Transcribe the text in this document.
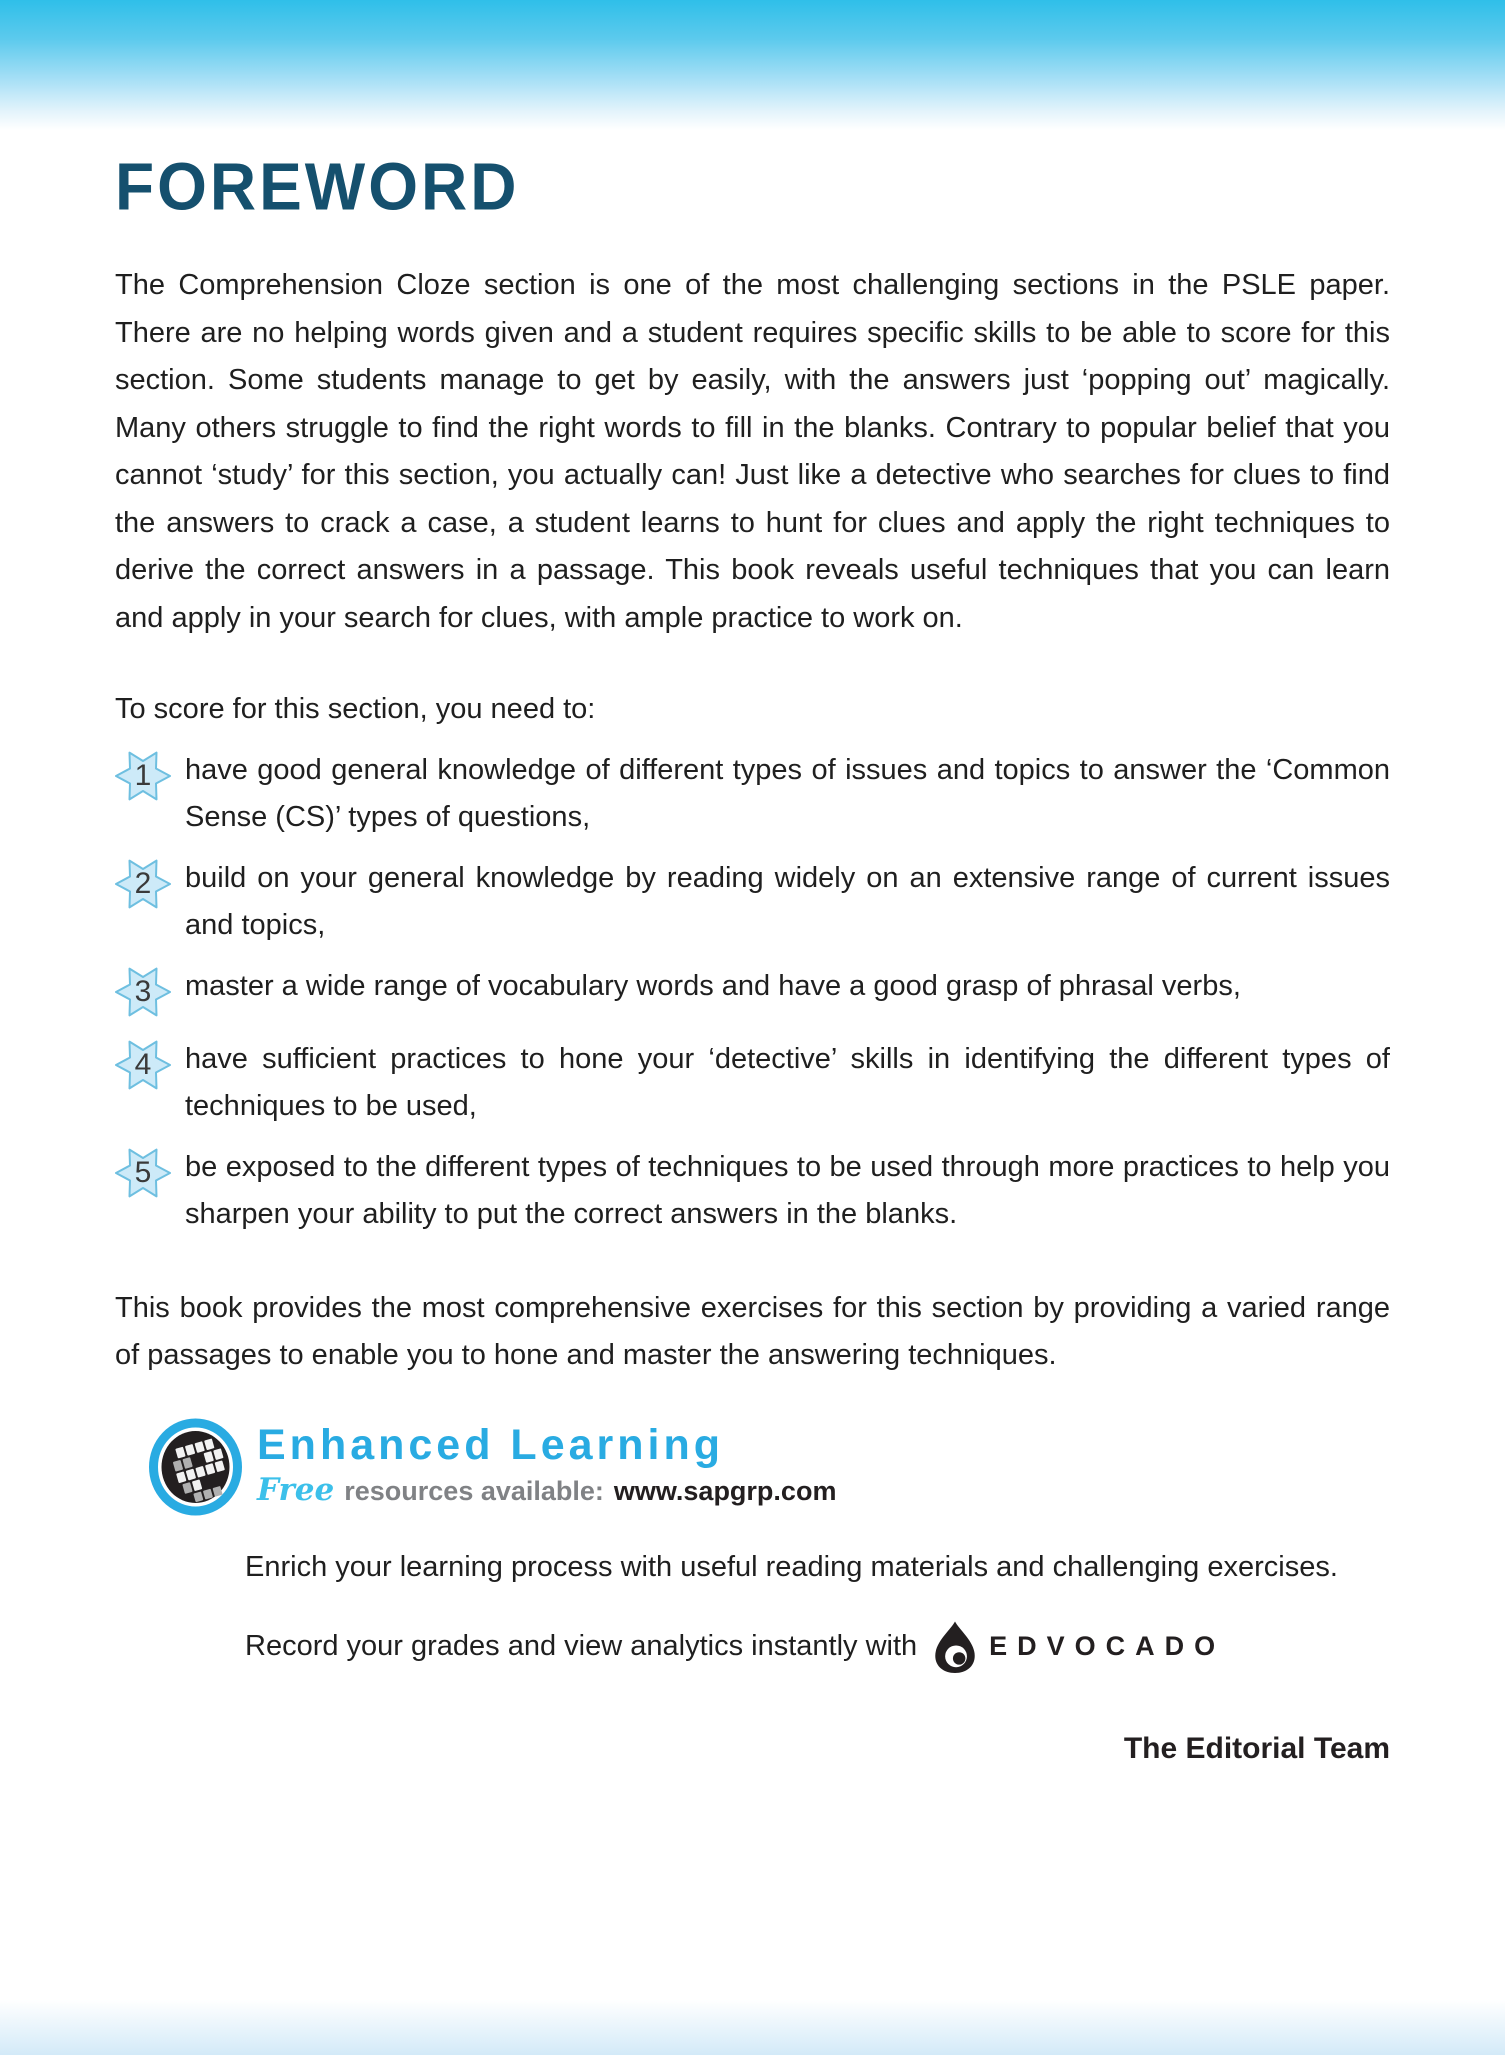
FOREWORD

The Comprehension Cloze section is one of the most challenging sections in the PSLE paper. There are no helping words given and a student requires specific skills to be able to score for this section. Some students manage to get by easily, with the answers just ‘popping out’ magically. Many others struggle to find the right words to fill in the blanks. Contrary to popular belief that you cannot ‘study’ for this section, you actually can! Just like a detective who searches for clues to find the answers to crack a case, a student learns to hunt for clues and apply the right techniques to derive the correct answers in a passage. This book reveals useful techniques that you can learn and apply in your search for clues, with ample practice to work on.

To score for this section, you need to:
1	have good general knowledge of different types of issues and topics to answer the ‘Common Sense (CS)’ types of questions,
2	build on your general knowledge by reading widely on an extensive range of current issues and topics,
3	master a wide range of vocabulary words and have a good grasp of phrasal verbs,
4	have sufficient practices to hone your ‘detective’ skills in identifying the different types of techniques to be used,
5	be exposed to the different types of techniques to be used through more practices to help you sharpen your ability to put the correct answers in the blanks.

This book provides the most comprehensive exercises for this section by providing a varied range of passages to enable you to hone and master the answering techniques.

Enhanced Learning
Free resources available: www.sapgrp.com

Enrich your learning process with useful reading materials and challenging exercises.

Record your grades and view analytics instantly with	EDVOCADO
The Editorial Team
